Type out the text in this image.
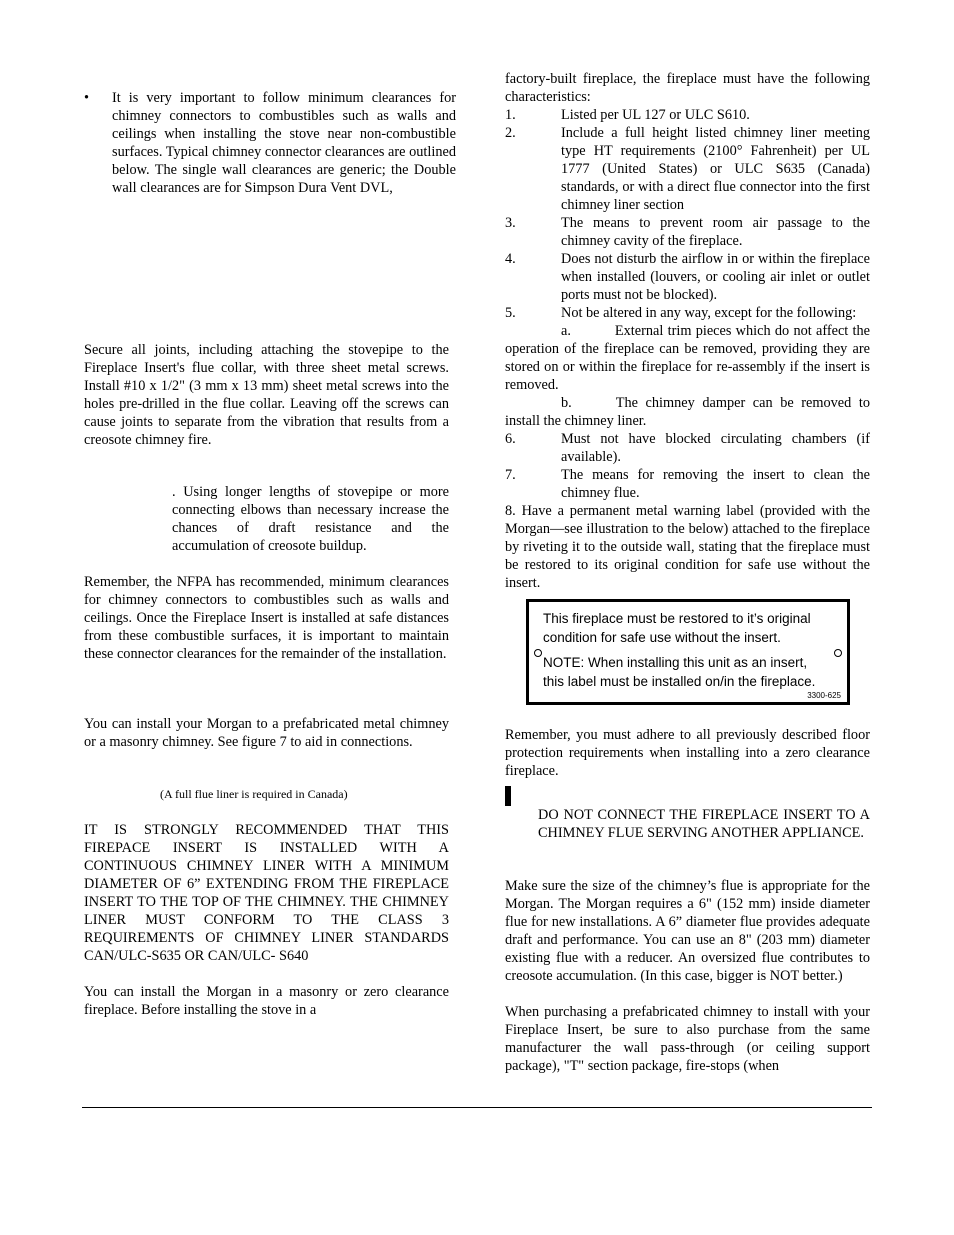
• It is very important to follow minimum clearances for chimney connectors to combustibles such as walls and ceilings when installing the stove near non-combustible surfaces. Typical chimney connector clearances are outlined below. The single wall clearances are generic; the Double wall clearances are for Simpson Dura Vent DVL,

Secure all joints, including attaching the stovepipe to the Fireplace Insert's flue collar, with three sheet metal screws. Install #10 x 1/2" (3 mm x 13 mm) sheet metal screws into the holes pre-drilled in the flue collar. Leaving off the screws can cause joints to separate from the vibration that results from a creosote chimney fire.

. Using longer lengths of stovepipe or more connecting elbows than necessary increase the chances of draft resistance and the accumulation of creosote buildup.

Remember, the NFPA has recommended, minimum clearances for chimney connectors to combustibles such as walls and ceilings. Once the Fireplace Insert is installed at safe distances from these combustible surfaces, it is important to maintain these connector clearances for the remainder of the installation.

You can install your Morgan to a prefabricated metal chimney or a masonry chimney. See figure 7 to aid in connections.

(A full flue liner is required in Canada)

IT IS STRONGLY RECOMMENDED THAT THIS FIREPACE INSERT IS INSTALLED WITH A CONTINUOUS CHIMNEY LINER WITH A MINIMUM DIAMETER OF 6” EXTENDING FROM THE FIREPLACE INSERT TO THE TOP OF THE CHIMNEY. THE CHIMNEY LINER MUST CONFORM TO THE CLASS 3 REQUIREMENTS OF CHIMNEY LINER STANDARDS CAN/ULC-S635 OR CAN/ULC- S640

You can install the Morgan in a masonry or zero clearance fireplace. Before installing the stove in a

factory-built fireplace, the fireplace must have the following characteristics:

1.	Listed per UL 127 or ULC S610.
2.	Include a full height listed chimney liner meeting type HT requirements (2100° Fahrenheit) per UL 1777 (United States) or ULC S635 (Canada) standards, or with a direct flue connector into the first chimney liner section
3.	The means to prevent room air passage to the chimney cavity of the fireplace.
4.	Does not disturb the airflow in or within the fireplace when installed (louvers, or cooling air inlet or outlet ports must not be blocked).
5.	Not be altered in any way, except for the following:

a.	External trim pieces which do not affect the operation of the fireplace can be removed, providing they are stored on or within the fireplace for re-assembly if the insert is removed.

b.	The chimney damper can be removed to install the chimney liner.

6.	Must not have blocked circulating chambers (if available).
7.	The means for removing the insert to clean the chimney flue.

8. Have a permanent metal warning label (provided with the Morgan—see illustration to the below) attached to the fireplace by riveting it to the outside wall, stating that the fireplace must be restored to its original condition for safe use without the insert.

Remember, you must adhere to all previously described floor protection requirements when installing into a zero clearance fireplace.

This fireplace must be restored to it’s original
condition for safe use without the insert.
NOTE: When installing this unit as an insert,
this label must be installed on/in the fireplace.
3300-625
DO NOT CONNECT THE FIREPLACE INSERT TO A CHIMNEY FLUE SERVING ANOTHER APPLIANCE.

Make sure the size of the chimney’s flue is appropriate for the Morgan. The Morgan requires a 6" (152 mm) inside diameter flue for new installations. A 6” diameter flue provides adequate draft and performance. You can use an 8" (203 mm) diameter existing flue with a reducer. An oversized flue contributes to creosote accumulation. (In this case, bigger is NOT better.)

When purchasing a prefabricated chimney to install with your Fireplace Insert, be sure to also purchase from the same manufacturer the wall pass-through (or ceiling support package), "T" section package, fire-stops (when
